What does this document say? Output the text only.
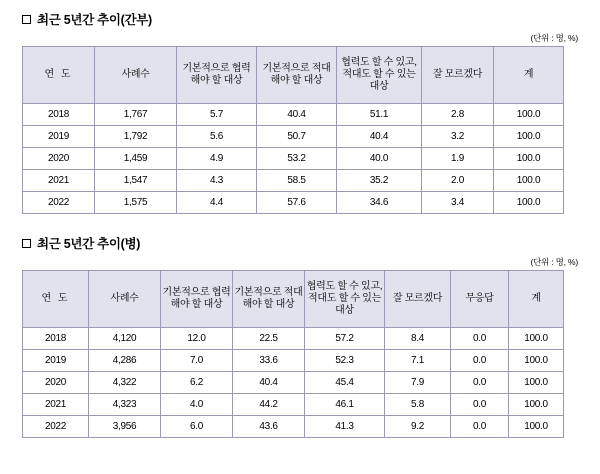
최근 5년간 추이(간부)
(단위 : 명, %)
연 도	사례수	기본적으로 협력해야 할 대상	기본적으로 적대해야 할 대상	협력도 할 수 있고, 적대도 할 수 있는 대상	잘 모르겠다	계
2018	1,767	5.7	40.4	51.1	2.8	100.0
2019	1,792	5.6	50.7	40.4	3.2	100.0
2020	1,459	4.9	53.2	40.0	1.9	100.0
2021	1,547	4.3	58.5	35.2	2.0	100.0
2022	1,575	4.4	57.6	34.6	3.4	100.0
최근 5년간 추이(병)
(단위 : 명, %)
연 도	사례수	기본적으로 협력해야 할 대상	기본적으로 적대해야 할 대상	협력도 할 수 있고, 적대도 할 수 있는 대상	잘 모르겠다	무응답	계
2018	4,120	12.0	22.5	57.2	8.4	0.0	100.0
2019	4,286	7.0	33.6	52.3	7.1	0.0	100.0
2020	4,322	6.2	40.4	45.4	7.9	0.0	100.0
2021	4,323	4.0	44.2	46.1	5.8	0.0	100.0
2022	3,956	6.0	43.6	41.3	9.2	0.0	100.0
